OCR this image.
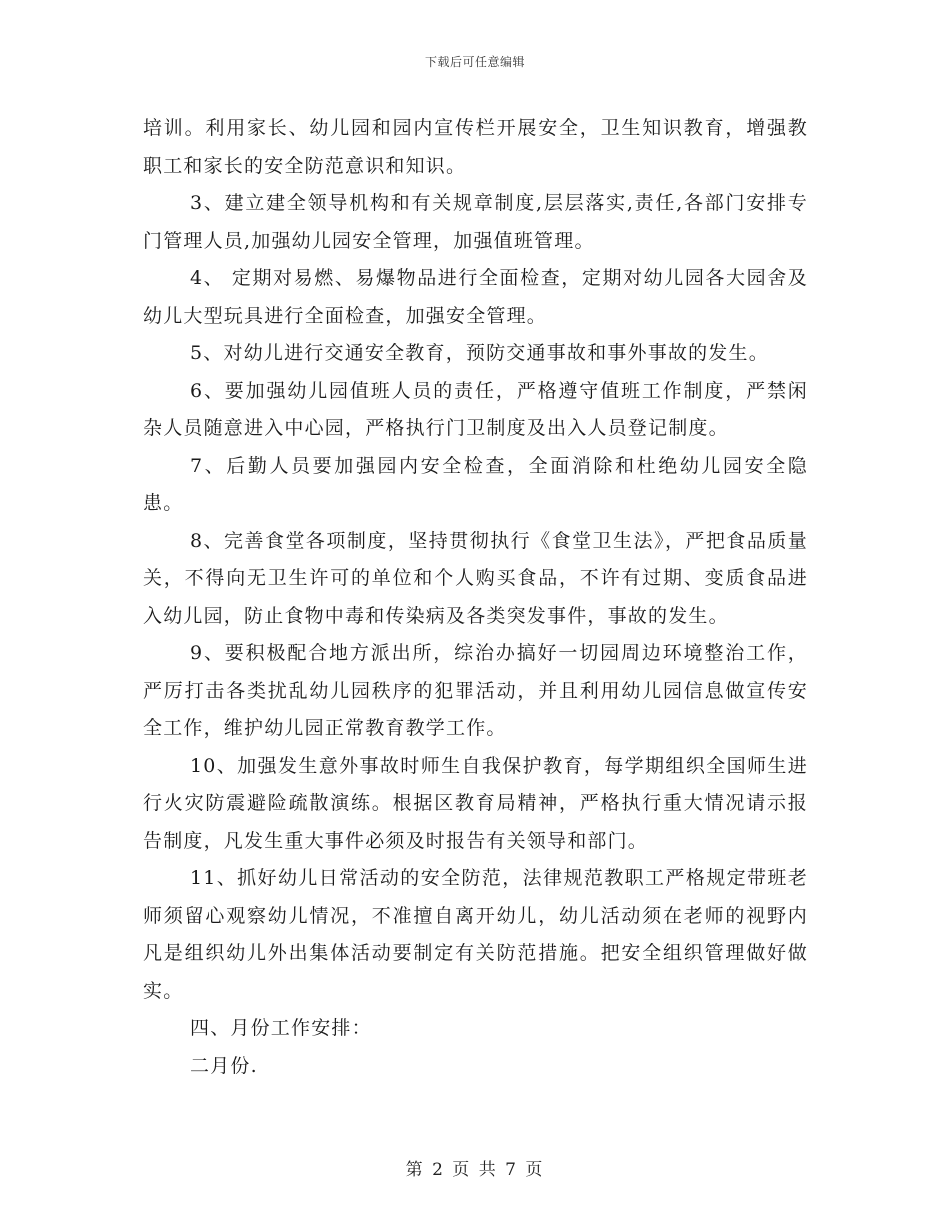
下载后可任意编辑

培训。利用家长、幼儿园和园内宣传栏开展安全，卫生知识教育，增强教职工和家长的安全防范意识和知识。

3、建立建全领导机构和有关规章制度,层层落实,责任,各部门安排专门管理人员,加强幼儿园安全管理，加强值班管理。

4、 定期对易燃、易爆物品进行全面检查，定期对幼儿园各大园舍及幼儿大型玩具进行全面检查，加强安全管理。

5、对幼儿进行交通安全教育，预防交通事故和事外事故的发生。

6、要加强幼儿园值班人员的责任，严格遵守值班工作制度，严禁闲杂人员随意进入中心园，严格执行门卫制度及出入人员登记制度。

7、后勤人员要加强园内安全检查，全面消除和杜绝幼儿园安全隐患。

8、完善食堂各项制度，坚持贯彻执行《食堂卫生法》，严把食品质量关，不得向无卫生许可的单位和个人购买食品，不许有过期、变质食品进入幼儿园，防止食物中毒和传染病及各类突发事件，事故的发生。

9、要积极配合地方派出所，综治办搞好一切园周边环境整治工作，严厉打击各类扰乱幼儿园秩序的犯罪活动，并且利用幼儿园信息做宣传安全工作，维护幼儿园正常教育教学工作。

10、加强发生意外事故时师生自我保护教育，每学期组织全国师生进行火灾防震避险疏散演练。根据区教育局精神，严格执行重大情况请示报告制度，凡发生重大事件必须及时报告有关领导和部门。

11、抓好幼儿日常活动的安全防范，法律规范教职工严格规定带班老师须留心观察幼儿情况，不准擅自离开幼儿，幼儿活动须在老师的视野内凡是组织幼儿外出集体活动要制定有关防范措施。把安全组织管理做好做实。

四、月份工作安排：

二月份.

第 2 页 共 7 页
